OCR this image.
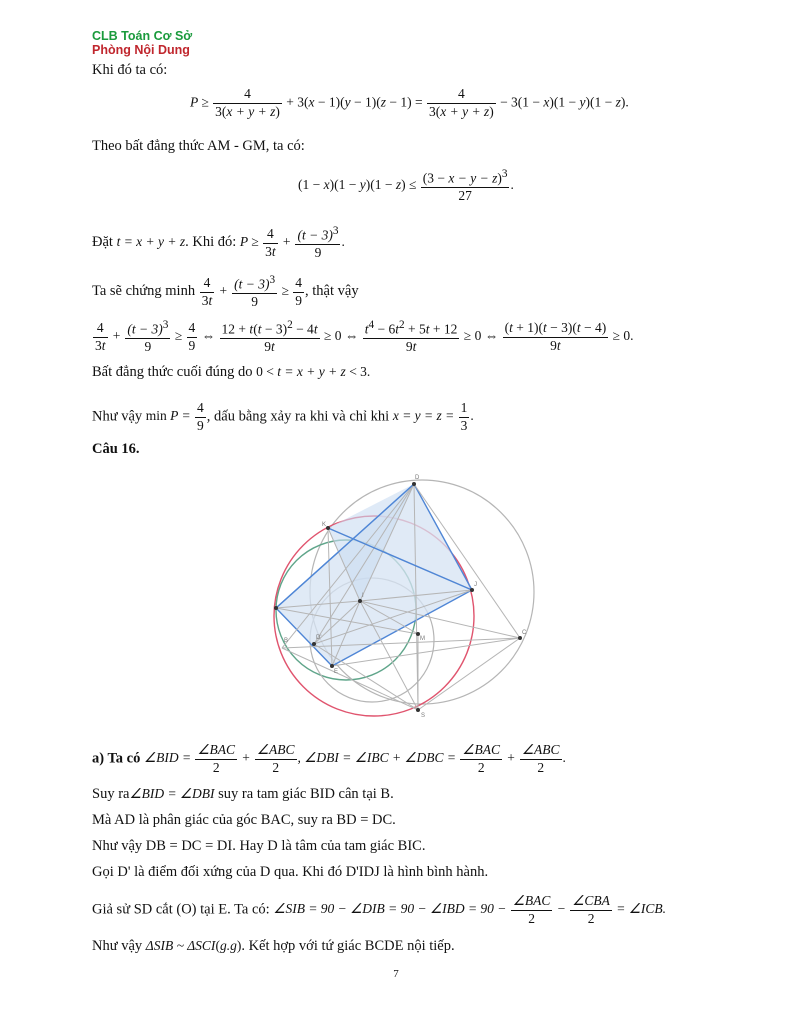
CLB Toán Cơ Sở
Phòng Nội Dung
Khi đó ta có:
$P \ge \frac{4}{3(x + y + z)} + 3(x - 1)(y - 1)(z - 1) = \frac{4}{3(x + y + z)} - 3(1 - x)(1 - y)(1 - z)$.
Theo bất đẳng thức AM - GM, ta có:
$(1 - x)(1 - y)(1 - z) \le \frac{(3 - x - y - z)^3}{27}$ .
Đặt t = x + y + z. Khi đó: $P \ge \frac{4}{3t} + \frac{(t - 3)^3}{9}$ .
Ta sẽ chứng minh $\frac{4}{3t} + \frac{(t - 3)^3}{9} \ge \frac{4}{9}$ , thật vậy
$\frac{4}{3t} + \frac{(t - 3)^3}{9} \ge \frac{4}{9}$ ⇔ $\frac{12 + t(t - 3)^2 - 4t}{9t} \ge 0$ ⇔ $\frac{t^4 - 6t^2 + 5t + 12}{9t} \ge 0$ ⇔ $\frac{(t + 1)(t - 3)(t - 4)}{9t} \ge 0$.
Bất đẳng thức cuối đúng do 0 < t = x + y + z < 3.
Như vậy $\min P = \frac{4}{9}$ , dấu bằng xảy ra khi và chỉ khi $x = y = z = \frac{1}{3}$ .
Câu 16.
D
K
J
I
B
C
M
E
D'
S
a) Ta có ∠BID = $\frac{\text{∠BAC}}{2} + \frac{\text{∠ABC}}{2}$ , ∠DBI = ∠IBC + ∠DBC = $\frac{\text{∠BAC}}{2} + \frac{\text{∠ABC}}{2}$ .
Suy ra∠BID = ∠DBI suy ra tam giác BID cân tại B.
Mà AD là phân giác của góc BAC, suy ra BD = DC.
Như vậy DB = DC = DI. Hay D là tâm của tam giác BIC.
Gọi D' là điểm đối xứng của D qua. Khi đó D'IDJ là hình bình hành.
Giả sử SD cắt (O) tại E. Ta có: ∠SIB = 90 − ∠DIB = 90 − ∠IBD = $90 - \frac{\text{∠BAC}}{2} - \frac{\text{∠CBA}}{2}$ = ∠ICB.
Như vậy ΔSIB ~ ΔSCI(g.g). Kết hợp với tứ giác BCDE nội tiếp.
7
